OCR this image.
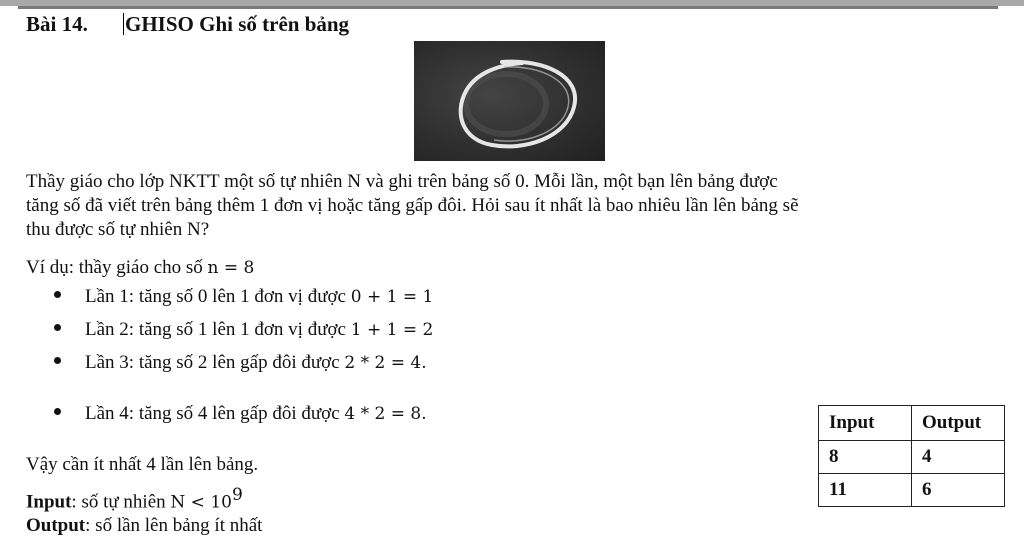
Bài 14. GHISO Ghi số trên bảng
Thầy giáo cho lớp NKTT một số tự nhiên N và ghi trên bảng số 0. Mỗi lần, một bạn lên bảng được
tăng số đã viết trên bảng thêm 1 đơn vị hoặc tăng gấp đôi. Hỏi sau ít nhất là bao nhiêu lần lên bảng sẽ
thu được số tự nhiên N?
Ví dụ: thầy giáo cho số n = 8
Lần 1: tăng số 0 lên 1 đơn vị được 0 + 1 = 1
Lần 2: tăng số 1 lên 1 đơn vị được 1 + 1 = 2
Lần 3: tăng số 2 lên gấp đôi được 2 * 2 = 4.
Lần 4: tăng số 4 lên gấp đôi được 4 * 2 = 8.
Vậy cần ít nhất 4 lần lên bảng.
Input: số tự nhiên $N < 10^9$
Output: số lần lên bảng ít nhất
Input	Output
8	4
11	6
